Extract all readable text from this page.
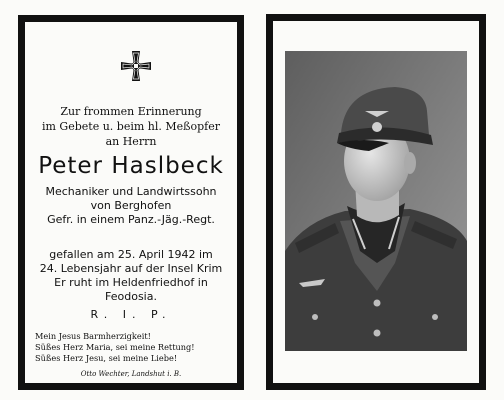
Zur frommen Erinnerung
im Gebete u. beim hl. Meßopfer
an Herrn
Peter Haslbeck
Mechaniker und Landwirtssohn
von Berghofen
Gefr. in einem Panz.-Jäg.-Regt.
gefallen am 25. April 1942 im
24. Lebensjahr auf der Insel Krim
Er ruht im Heldenfriedhof in
Feodosia.
R. I. P.
Mein Jesus Barmherzigkeit!
Süßes Herz Maria, sei meine Rettung!
Süßes Herz Jesu, sei meine Liebe!
Otto Wechter, Landshut i. B.
